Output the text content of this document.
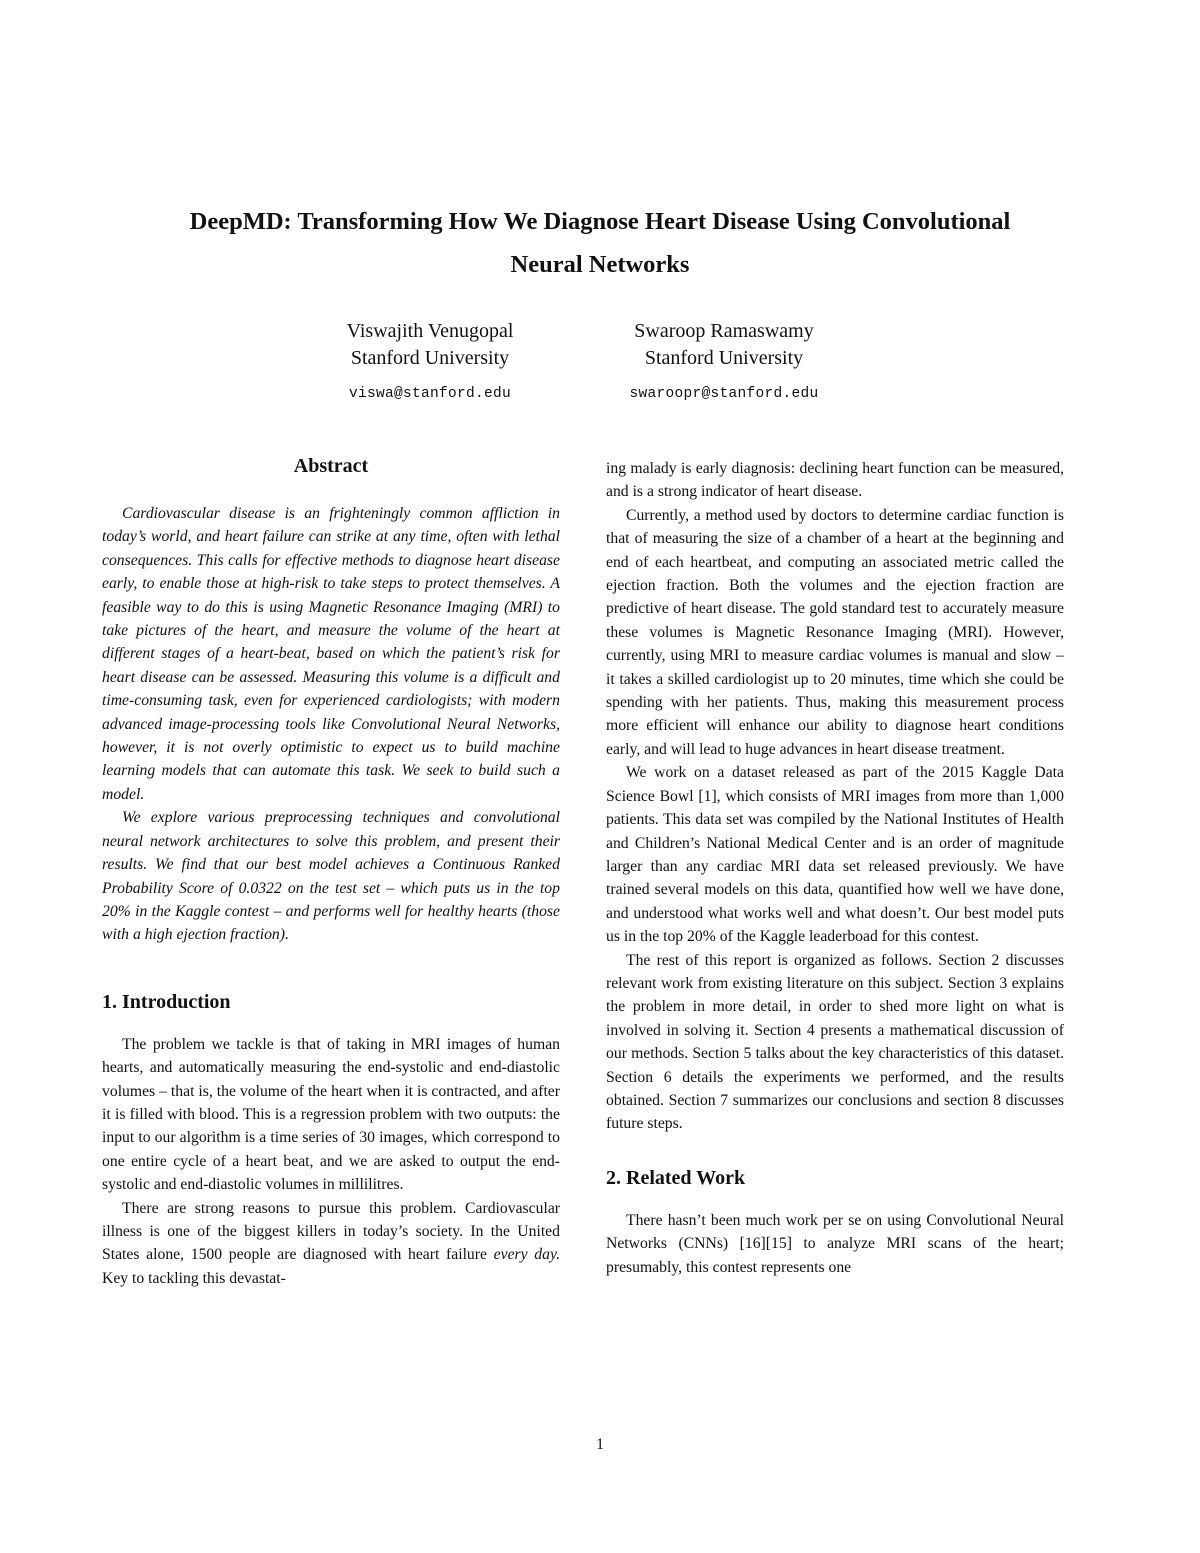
DeepMD: Transforming How We Diagnose Heart Disease Using Convolutional
Neural Networks
Viswajith Venugopal
Stanford University
viswa@stanford.edu
Swaroop Ramaswamy
Stanford University
swaroopr@stanford.edu
Abstract

Cardiovascular disease is an frighteningly common affliction in today’s world, and heart failure can strike at any time, often with lethal consequences. This calls for effective methods to diagnose heart disease early, to enable those at high-risk to take steps to protect themselves. A feasible way to do this is using Magnetic Resonance Imaging (MRI) to take pictures of the heart, and measure the volume of the heart at different stages of a heart-beat, based on which the patient’s risk for heart disease can be assessed. Measuring this volume is a difficult and time-consuming task, even for experienced cardiologists; with modern advanced image-processing tools like Convolutional Neural Networks, however, it is not overly optimistic to expect us to build machine learning models that can automate this task. We seek to build such a model.

We explore various preprocessing techniques and convolutional neural network architectures to solve this problem, and present their results. We find that our best model achieves a Continuous Ranked Probability Score of 0.0322 on the test set – which puts us in the top 20% in the Kaggle contest – and performs well for healthy hearts (those with a high ejection fraction).

1. Introduction

The problem we tackle is that of taking in MRI images of human hearts, and automatically measuring the end-systolic and end-diastolic volumes – that is, the volume of the heart when it is contracted, and after it is filled with blood. This is a regression problem with two outputs: the input to our algorithm is a time series of 30 images, which correspond to one entire cycle of a heart beat, and we are asked to output the end-systolic and end-diastolic volumes in millilitres.

There are strong reasons to pursue this problem. Cardiovascular illness is one of the biggest killers in today’s society. In the United States alone, 1500 people are diagnosed with heart failure every day. Key to tackling this devastat-

ing malady is early diagnosis: declining heart function can be measured, and is a strong indicator of heart disease.

Currently, a method used by doctors to determine cardiac function is that of measuring the size of a chamber of a heart at the beginning and end of each heartbeat, and computing an associated metric called the ejection fraction. Both the volumes and the ejection fraction are predictive of heart disease. The gold standard test to accurately measure these volumes is Magnetic Resonance Imaging (MRI). However, currently, using MRI to measure cardiac volumes is manual and slow – it takes a skilled cardiologist up to 20 minutes, time which she could be spending with her patients. Thus, making this measurement process more efficient will enhance our ability to diagnose heart conditions early, and will lead to huge advances in heart disease treatment.

We work on a dataset released as part of the 2015 Kaggle Data Science Bowl [1], which consists of MRI images from more than 1,000 patients. This data set was compiled by the National Institutes of Health and Children’s National Medical Center and is an order of magnitude larger than any cardiac MRI data set released previously. We have trained several models on this data, quantified how well we have done, and understood what works well and what doesn’t. Our best model puts us in the top 20% of the Kaggle leaderboad for this contest.

The rest of this report is organized as follows. Section 2 discusses relevant work from existing literature on this subject. Section 3 explains the problem in more detail, in order to shed more light on what is involved in solving it. Section 4 presents a mathematical discussion of our methods. Section 5 talks about the key characteristics of this dataset. Section 6 details the experiments we performed, and the results obtained. Section 7 summarizes our conclusions and section 8 discusses future steps.

2. Related Work

There hasn’t been much work per se on using Convolutional Neural Networks (CNNs) [16][15] to analyze MRI scans of the heart; presumably, this contest represents one

1
